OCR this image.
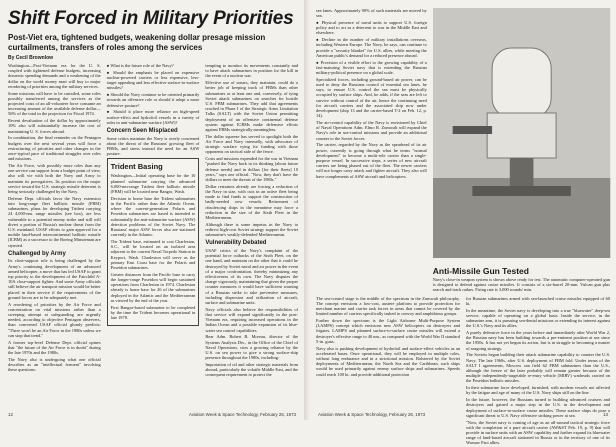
Shift Forced in Military Priorities
Post-Viet era, tightened budgets, weakening dollar presage mission curtailments, transfers of roles among the services
By Cecil Brownlow

Washington—Post-Vietnam era for the U. S. coupled with tightened defense budgets, increasing domestic spending demands and a weakening of the dollar on the world money mart will buy to major reordering of priorities among the military services.

Some missions will have to be curtailed, some roles possibly transferred among the services as the projected costs of an all-volunteer force consume an increasing amount of the available defense dollar—56% of the total in the projection for Fiscal 1974.

Recent devaluation of the dollar by approximately 10% also will substantially increase the cost of maintaining U. S. forces abroad.

In combination, the final reminder on the Pentagon budgets over the next several years will force a restructuring of priorities and other changes in the once-typical pace of traditional struggles over roles and missions.

The Air Force, with possibly more roles than any one service can support from a budget point of view, also will vie with both the Navy and Army to maintain its prerogatives. Its position on the major service toward the U.S. strategic missile deterrent is being seriously challenged by the Navy.

Defense Dept. officials favor the Navy extension into long-range fleet ballistic missile (FBM) submarines, plans for developing Trident carrying 24 4,000-nm. range missiles (see box), are less vulnerable to a potential enemy strike and still will divert a portion of Russia's nuclear threat from the U.S. mainland. USAF efforts to gain approval for a mobile land-based intercontinental ballistic missile (ICBM) as a successor to the Boeing Minuteman are stymied.

Challenged by Army

Its close-support role is being challenged by the Army's continuing development of an advanced armed helicopter, a move that has led USAF to grant top priority to the development of the Fairchild A-10A close-support fighter. And some Army officials still believe the air transport mission would be better placed in their service if the requirements of the ground forces are to be adequately met.

A reordering of priorities by the Air Force and concentration on vital missions rather than a sweeping attempt at safeguarding are urgently needed, according to objective Pentagon observers, than concerned USAF official glumly predicts: "There won't be an Air Force in the 1980s unless we can stop that trend."

A former top-level Defense Dept. official opines that "the future of the Air Force is in doubt" during the late 1970s and the 1980s.

The Navy also is undergoing what one official describes as an "intellectual ferment" involving these questions:

● What is the future role of the Navy?

● Should the emphasis be placed on expensive nuclear-powered carriers or less expensive, less-target appealing and less effective surface-to-surface missiles?

● Should the Navy continue to be oriented primarily towards an offensive role or should it adopt a more defensive posture?

● Should it place more reliance on high-speed surface-effect and hydrofoil vessels in a variety of roles in anti-submarine warfare (ASW)?

Concern Seen Misplaced

Some critics maintain the Navy is overly concerned about the threat of the Russians' growing fleet of FBMs, and stress instead the need for an ASW posture.

Trident Basing

Washington—Initial operating base for the 10 planned submarine carrying the advanced 6,000-nm-range Trident fleet ballistic missile (FBM) will be located near Bangor, Wash.

Decision to home base the Trident submarines in the Pacific rather than the Atlantic Ocean, where the current-generation Polaris and Poseidon submarines are based is intended to substantially the anti-submarine warfare (ASW) detection problems of the Soviet Navy. The Russians' major ASW forces also are stationed currently in the Atlantic.

The Trident base, estimated to cost Charleston, S.C., will be located on an isolated area adjacent to the current Naval Torpedo Station in Keyport, Wash. Charleston will serve as the primary East Coast base for the Polaris and Poseidon submarines.

Greater distances from the Pacific base to carry the longer-range Poseidon will begin sustained operations from Charleston in 1974. Charleston already is home base for 26 of the submarines deployed in the Atlantic and the Mediterranean as viewed by the end of the year.

First Bangor-based submarine to be completed by the time the Trident becomes operational in late 1978.

tempting to monitor its movements constantly and to have attack submarines in position for the kill in the event of a nuclear war.

Effective use of sonars, they maintain, could do a better job of keeping track of FBMs than other submarines or at least one and, conversely, of tying Soviet attack submarines on searches for hostile U.S. FBM submarines. They add that agreements reached in Phase I of the Strategic Arms Limitation Talks (SALT) with the Soviet Union permitting deployment of an offensive continental defense system against ICBMs make defensive efforts against FBMs strategically meaningless.

The dollar squeeze has served to spotlight both the Air Force and Navy internally, with advocates of strategic warfare vying for funding with those opponents on tactical side of the fence.

Costs and missions expended for the war in Vietnam "pushed the Navy back in its thinking [about future defense needs] and in dollars [for their fleets] 10 years," says one official. "Now, they don't have the dollars to meet the threats of the 1980s."

Dollar restraints already are forcing a reduction of the Navy in size, with cuts in an active fleet being made to find funds to support the construction of badly-needed new vessels. Retirement of obsolescing ships in the meantime may force a reduction in the size of the Sixth Fleet in the Mediterranean.

Although there is some impetus in the Navy to redirect high-cost Soviet strategy support the Soviet submarine's weakly-defended Mediterranean.

Vulnerability Debated

USAF critics of the Navy's complaint of the potential force cutbacks of the Sixth Fleet, on the one hand, and maintain on the other that it could be destroyed by Soviet naval and air power in the event of a major confrontation, thereby minimizing any effectiveness of its own. The Navy disputes the charge vigorously, maintaining that given the proper counter measures it would have sufficient warning of a Russian strike to take preventive measures, including dispersion and utilization of aircraft, surface and submarine units.

Navy officials also believe the responsibilities of that service will expand significantly in the post-Vietnam era, requiring increased operations in the Indian Ocean and a possible expansion of its blue-water sea control capabilities.

Rear Adm. Robert B. Moreau, director of the Systems Analysis Div., in the Office of the Chief of Naval Operations, cites a growing reliance by the U.S. on sea power to give a strong surface-ship presence throughout the 1980s, including:

Importation of oil and other strategic materials from abroad, particularly the volatile Middle East, and the consequent requirement to protect the

12	Aviation Week & Space Technology, February 26, 1973

sea lanes. Approximately 90% of such materials are moved by sea.

● Physical presence of naval units to support U.S. foreign policy and to act as a deterrent to war in the Middle East and elsewhere.

● Decline in the number of military installations overseas, including Western Europe. The Navy, he says, can continue to provide a "security blanket" for U.S. allies, while meeting the American public's demand for a reduced presence abroad.

● Provision of a visible effort to the growing capability of a fast-maturing Soviet navy that is extending the Russian military-political presence on a global scale.

Specialized forces, including ground-based air power, can be used to deny the Russians control of essential sea lanes, he says, to ensure U.S. control the sea must be physically occupied by surface ships. And, he adds, if the seas are left to survive without control of the air, hence the continuing need for aircraft carriers and the associated ship now under development (ship 13 and the carrier-based T-2 on Feb. 12, p. 14).

The air-control capability of the Navy is envisioned by Chief of Naval Operations Adm. Elmo R. Zumwalt will expand the Navy's role in sea-control missions and provide an additional counter to the Soviet forces.

The carrier, regarded by the Navy as the spearhead of its air power, currently is going through what he terms "normal development" to become a multi-role carrier than a single-purpose vessel. In successive steps, a series of new aircraft carriers are being phased out of the fleet. The newer carriers will not longer carry attack and fighter aircraft. They also will have complements of ASW aircraft and helicopters.

Anti-Missile Gun Tested

Navy's close-in weapon system is shown above ready for test. The automatic computer-operated gun is designed to defend against cruise missiles. It consists of a six-barrel 20-mm. Vulcan gun plus search and track radars. Firing rate is 3,000 rounds/ min.

The sea-control stage is the middle of the spectrum in the Zumwalt philosophy. The concept envisions a low-cost, austere platform to provide protection for merchant marine and carrier task forces in areas that cannot be covered by the limited number of carriers specifically tasked to convoy and amphibious groups.

Further down the spectrum is the Light Airborne Multi-Purpose System (LAMPS) concept which envisions new ASW helicopters on destroyers and frigates. LAMPS and planned surface-to-surface cruise missiles will extend a destroyer's effective range to 40 nm., as compared with the World War II standard 5-in. guns.

Navy also is pushing development of hydrofoil and surface-effect vehicles as an accelerated bases. Once operational, they will be employed in multiple roles, without long endurance and in a strictional mission. Bolstered by the Soviet deployments of Mediterranean, the North Sea and the Caribbean, such ships would be used primarily against enemy surface ships and submarines. Speeds could reach 100 kt. and provide additional protection

for Russian submarines armed with sea-launched cruise missiles equipped of 60 kt.

In the meantime, the Soviet navy is developing into a true "bluewater" deep-sea service, capable of operating on a global basis. Inside the service, in the submarine arm, it is pursuing sea-denial missions or extending its interest against the U.S.'s Navy and its allies.

A purely defensive force in the years before and immediately after World War 2, the Russian navy has been building towards a pre-eminent position at sea since the 1950s. It has not yet begun its action, but is in struggle to becoming a master of seagoing strategy.

The Soviets began building their attack submarine capability to counter the U.S. Navy. The late 1960s, after U.S. deployment of FBM fold. Under terms of the SALT I agreements, Moscow can field 62 FBM submarines than the U.S., although the freeze of the later probably will remain greater because of the multiple independently-targetable re-entry vehicle (MIRV) warheads carried on the Poseidon ballistic missiles.

In their submarine force developed, furnished, with modern vessels not affected by the fatigue and age of many of the U.S. Navy ships still on the line.

In the future, however, the Russians turned to building advanced cruisers and destroyers and gained a major step in the U.S. in the development and deployment of surface-to-surface cruise missiles. These surface ships do pose a significant threat to U.S. Navy offensive striking power at sea.

"Now, the Soviet navy is coming of age as an all-around tactical strategic force with the completion of a pure aircraft carrier (AW&ST Feb. 19, p. 9) that will provide in surface units with an ASW capability and further expand its bluewater range of land-based aircraft stationed in Russia or in the territory of one of its Warsaw Pact allies.

Aviation Week & Space Technology, February 26, 1973	13
